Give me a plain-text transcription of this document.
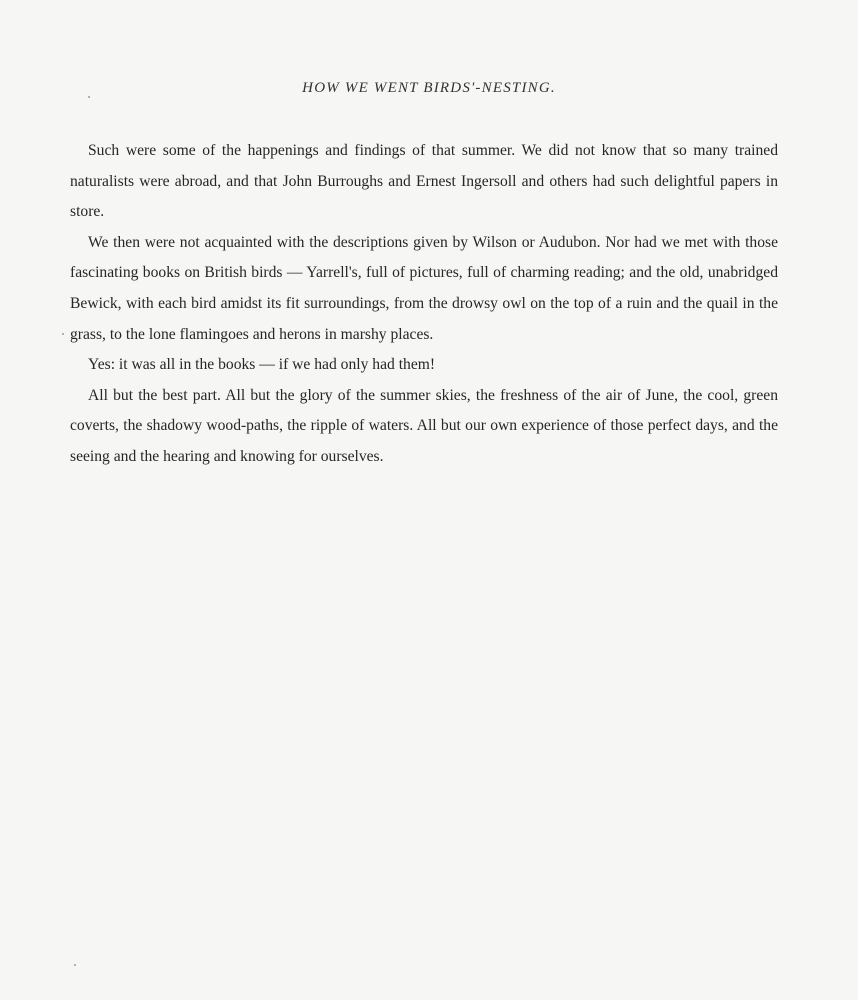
HOW WE WENT BIRDS'-NESTING.

Such were some of the happenings and findings of that summer. We did not know that so many trained naturalists were abroad, and that John Burroughs and Ernest Ingersoll and others had such delightful papers in store.

We then were not acquainted with the descriptions given by Wilson or Audubon. Nor had we met with those fascinating books on British birds — Yarrell's, full of pictures, full of charming reading; and the old, unabridged Bewick, with each bird amidst its fit surroundings, from the drowsy owl on the top of a ruin and the quail in the grass, to the lone flamingoes and herons in marshy places.

Yes: it was all in the books — if we had only had them!

All but the best part. All but the glory of the summer skies, the freshness of the air of June, the cool, green coverts, the shadowy wood-paths, the ripple of waters. All but our own experience of those perfect days, and the seeing and the hearing and knowing for ourselves.
